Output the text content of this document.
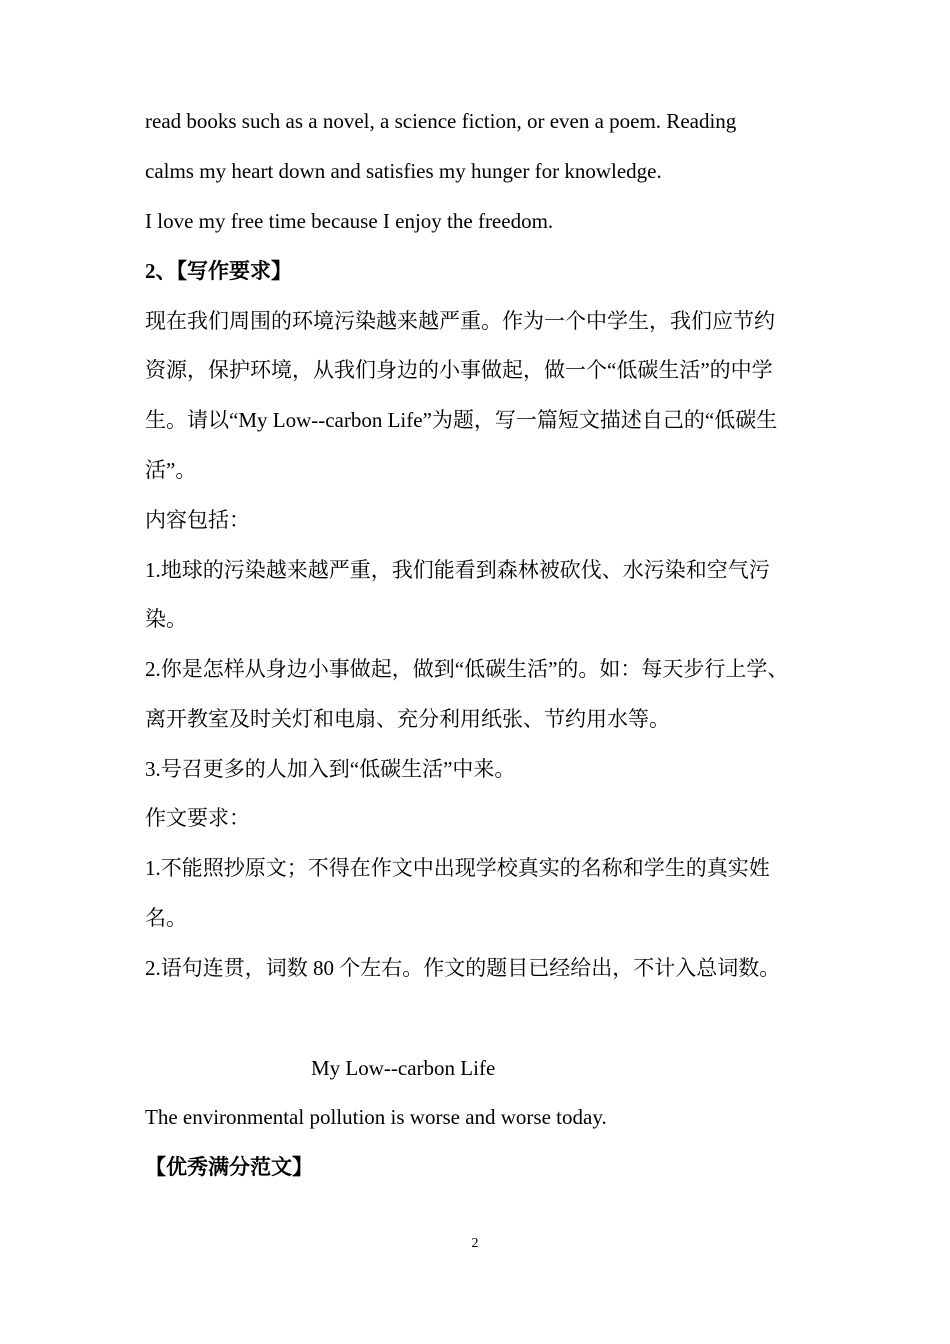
read books such as a novel, a science fiction, or even a poem. Reading
calms my heart down and satisfies my hunger for knowledge.
I love my free time because I enjoy the freedom.
2、【写作要求】
现在我们周围的环境污染越来越严重。作为一个中学生，我们应节约
资源，保护环境，从我们身边的小事做起，做一个“低碳生活”的中学
生。请以“My Low--carbon Life”为题，写一篇短文描述自己的“低碳生
活”。
内容包括：
1.地球的污染越来越严重，我们能看到森林被砍伐、水污染和空气污
染。
2.你是怎样从身边小事做起，做到“低碳生活”的。如：每天步行上学、
离开教室及时关灯和电扇、充分利用纸张、节约用水等。
3.号召更多的人加入到“低碳生活”中来。
作文要求：
1.不能照抄原文；不得在作文中出现学校真实的名称和学生的真实姓
名。
2.语句连贯，词数 80 个左右。作文的题目已经给出，不计入总词数。
My Low--carbon Life
The environmental pollution is worse and worse today.
【优秀满分范文】
2
